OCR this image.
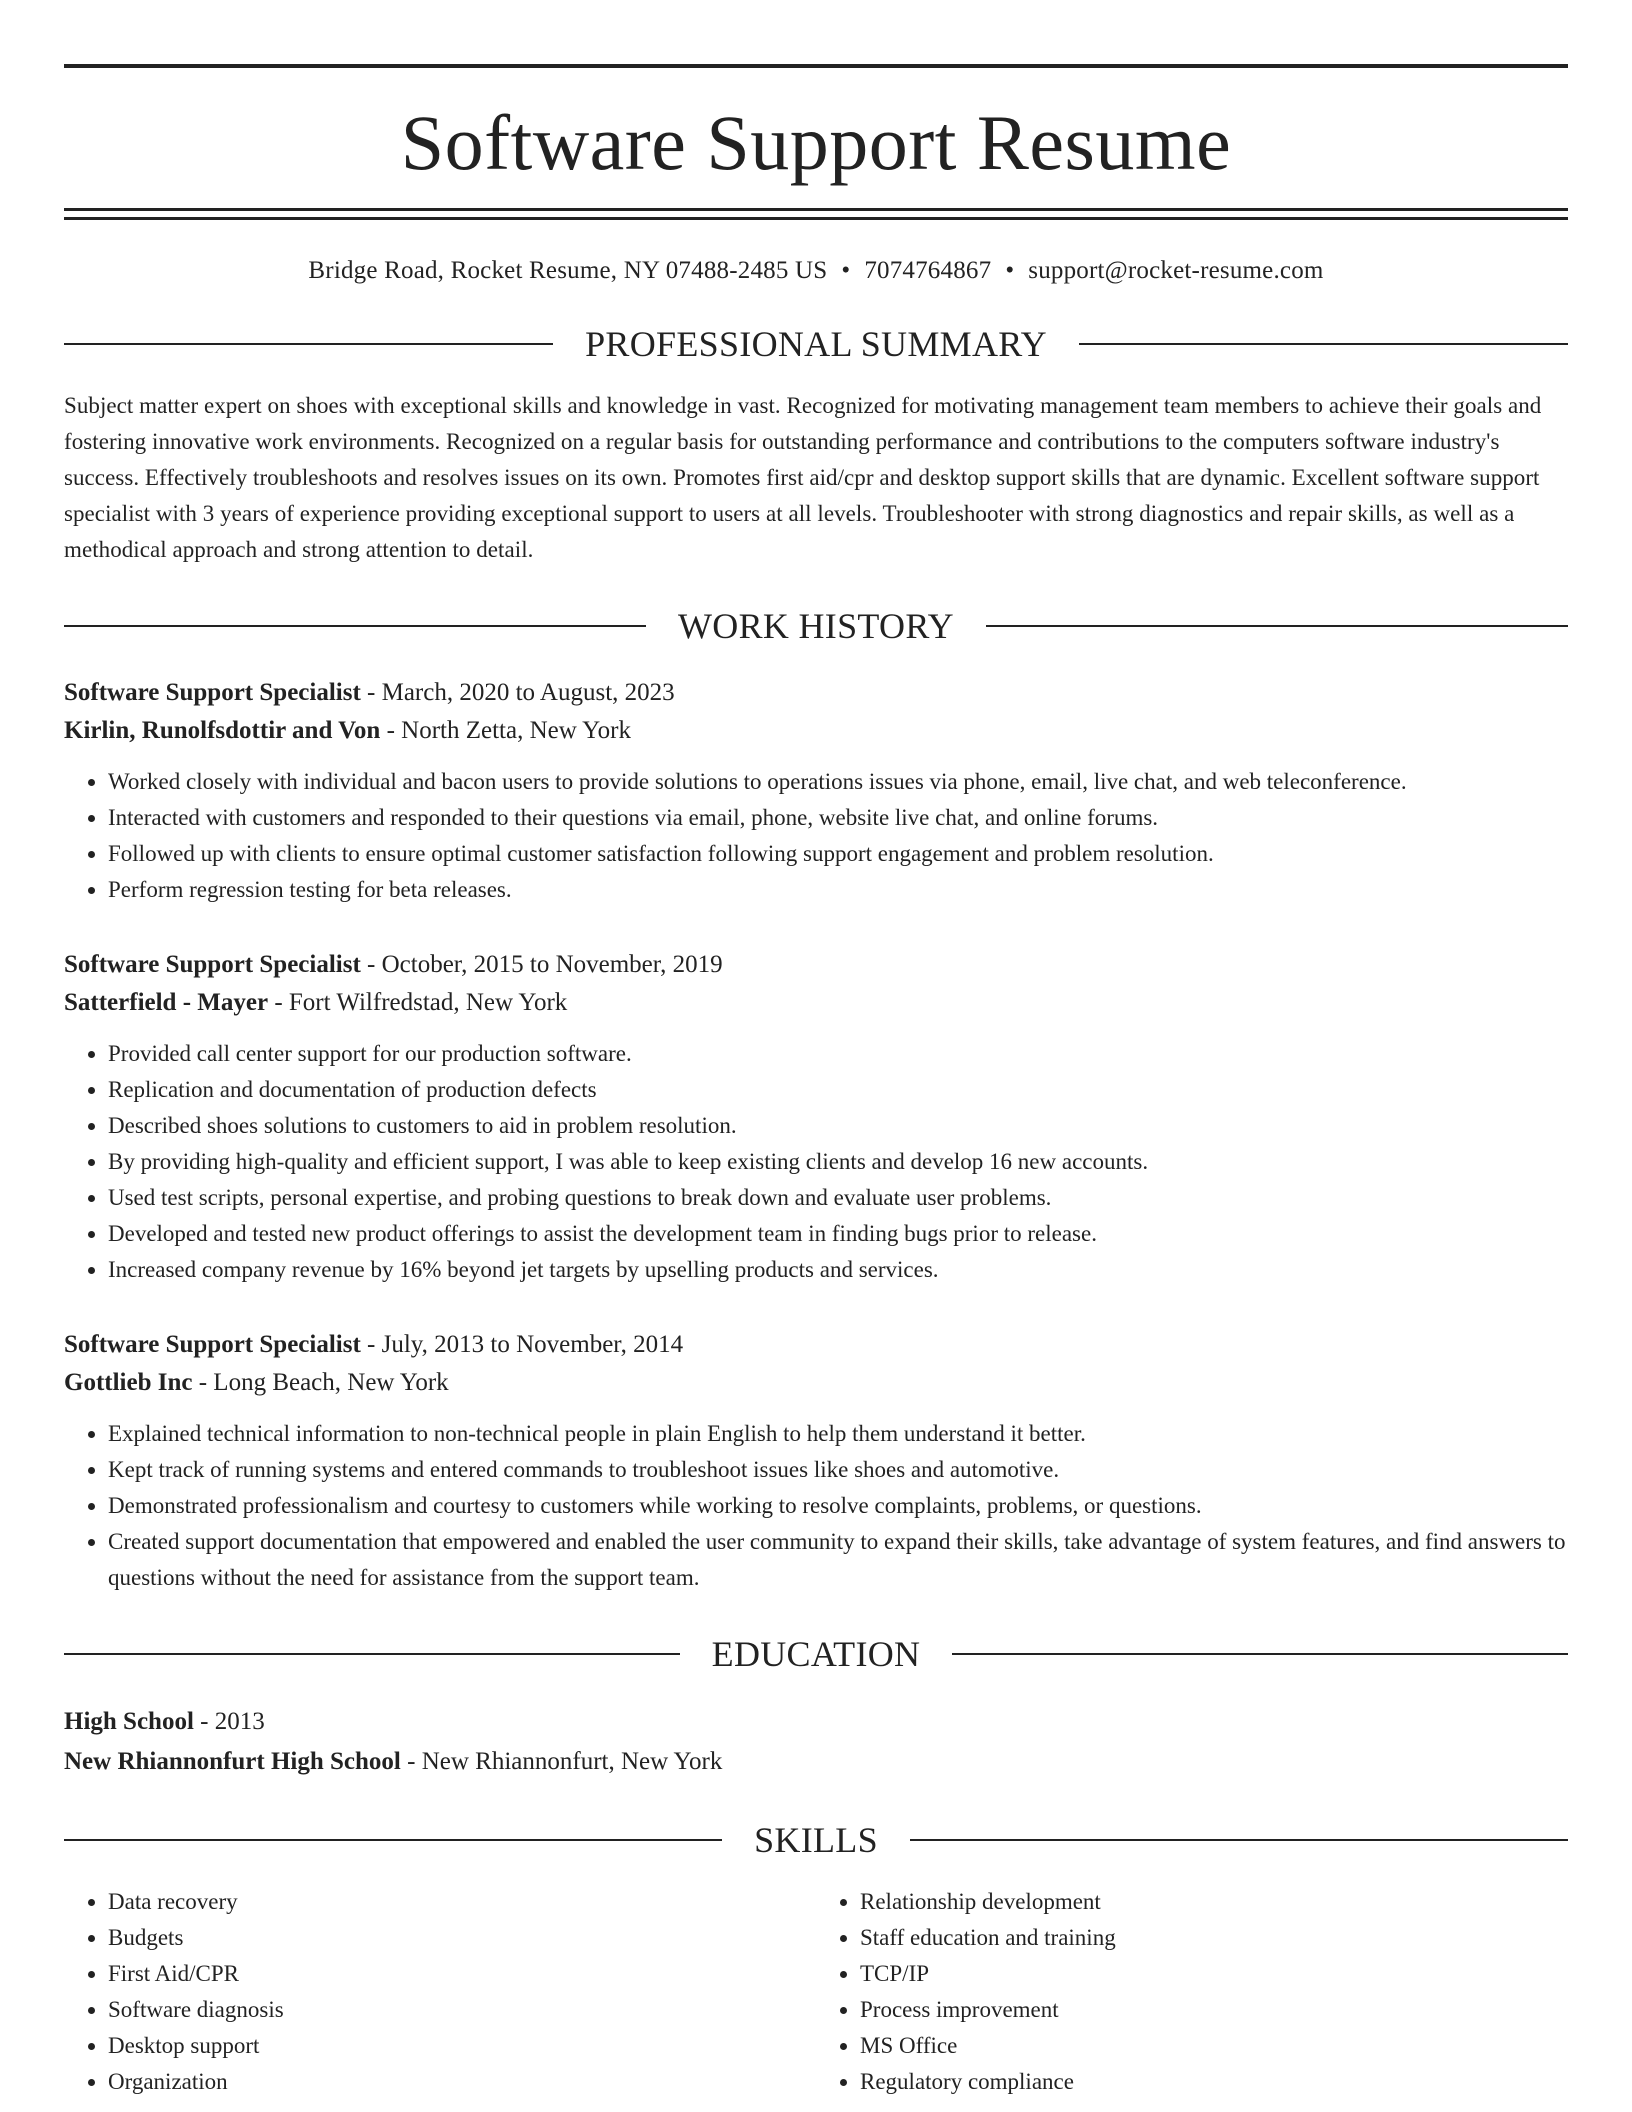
Software Support Resume
Bridge Road, Rocket Resume, NY 07488-2485 US • 7074764867 • support@rocket-resume.com
PROFESSIONAL SUMMARY
Subject matter expert on shoes with exceptional skills and knowledge in vast. Recognized for motivating management team members to achieve their goals and fostering innovative work environments. Recognized on a regular basis for outstanding performance and contributions to the computers software industry's success. Effectively troubleshoots and resolves issues on its own. Promotes first aid/cpr and desktop support skills that are dynamic. Excellent software support specialist with 3 years of experience providing exceptional support to users at all levels. Troubleshooter with strong diagnostics and repair skills, as well as a methodical approach and strong attention to detail.
WORK HISTORY
Software Support Specialist - March, 2020 to August, 2023
Kirlin, Runolfsdottir and Von - North Zetta, New York
• Worked closely with individual and bacon users to provide solutions to operations issues via phone, email, live chat, and web teleconference.
• Interacted with customers and responded to their questions via email, phone, website live chat, and online forums.
• Followed up with clients to ensure optimal customer satisfaction following support engagement and problem resolution.
• Perform regression testing for beta releases.
Software Support Specialist - October, 2015 to November, 2019
Satterfield - Mayer - Fort Wilfredstad, New York
• Provided call center support for our production software.
• Replication and documentation of production defects
• Described shoes solutions to customers to aid in problem resolution.
• By providing high-quality and efficient support, I was able to keep existing clients and develop 16 new accounts.
• Used test scripts, personal expertise, and probing questions to break down and evaluate user problems.
• Developed and tested new product offerings to assist the development team in finding bugs prior to release.
• Increased company revenue by 16% beyond jet targets by upselling products and services.
Software Support Specialist - July, 2013 to November, 2014
Gottlieb Inc - Long Beach, New York
• Explained technical information to non-technical people in plain English to help them understand it better.
• Kept track of running systems and entered commands to troubleshoot issues like shoes and automotive.
• Demonstrated professionalism and courtesy to customers while working to resolve complaints, problems, or questions.
• Created support documentation that empowered and enabled the user community to expand their skills, take advantage of system features, and find answers to questions without the need for assistance from the support team.
EDUCATION
High School - 2013
New Rhiannonfurt High School - New Rhiannonfurt, New York
SKILLS
• Data recovery
• Budgets
• First Aid/CPR
• Software diagnosis
• Desktop support
• Organization
• Relationship development
• Staff education and training
• TCP/IP
• Process improvement
• MS Office
• Regulatory compliance
